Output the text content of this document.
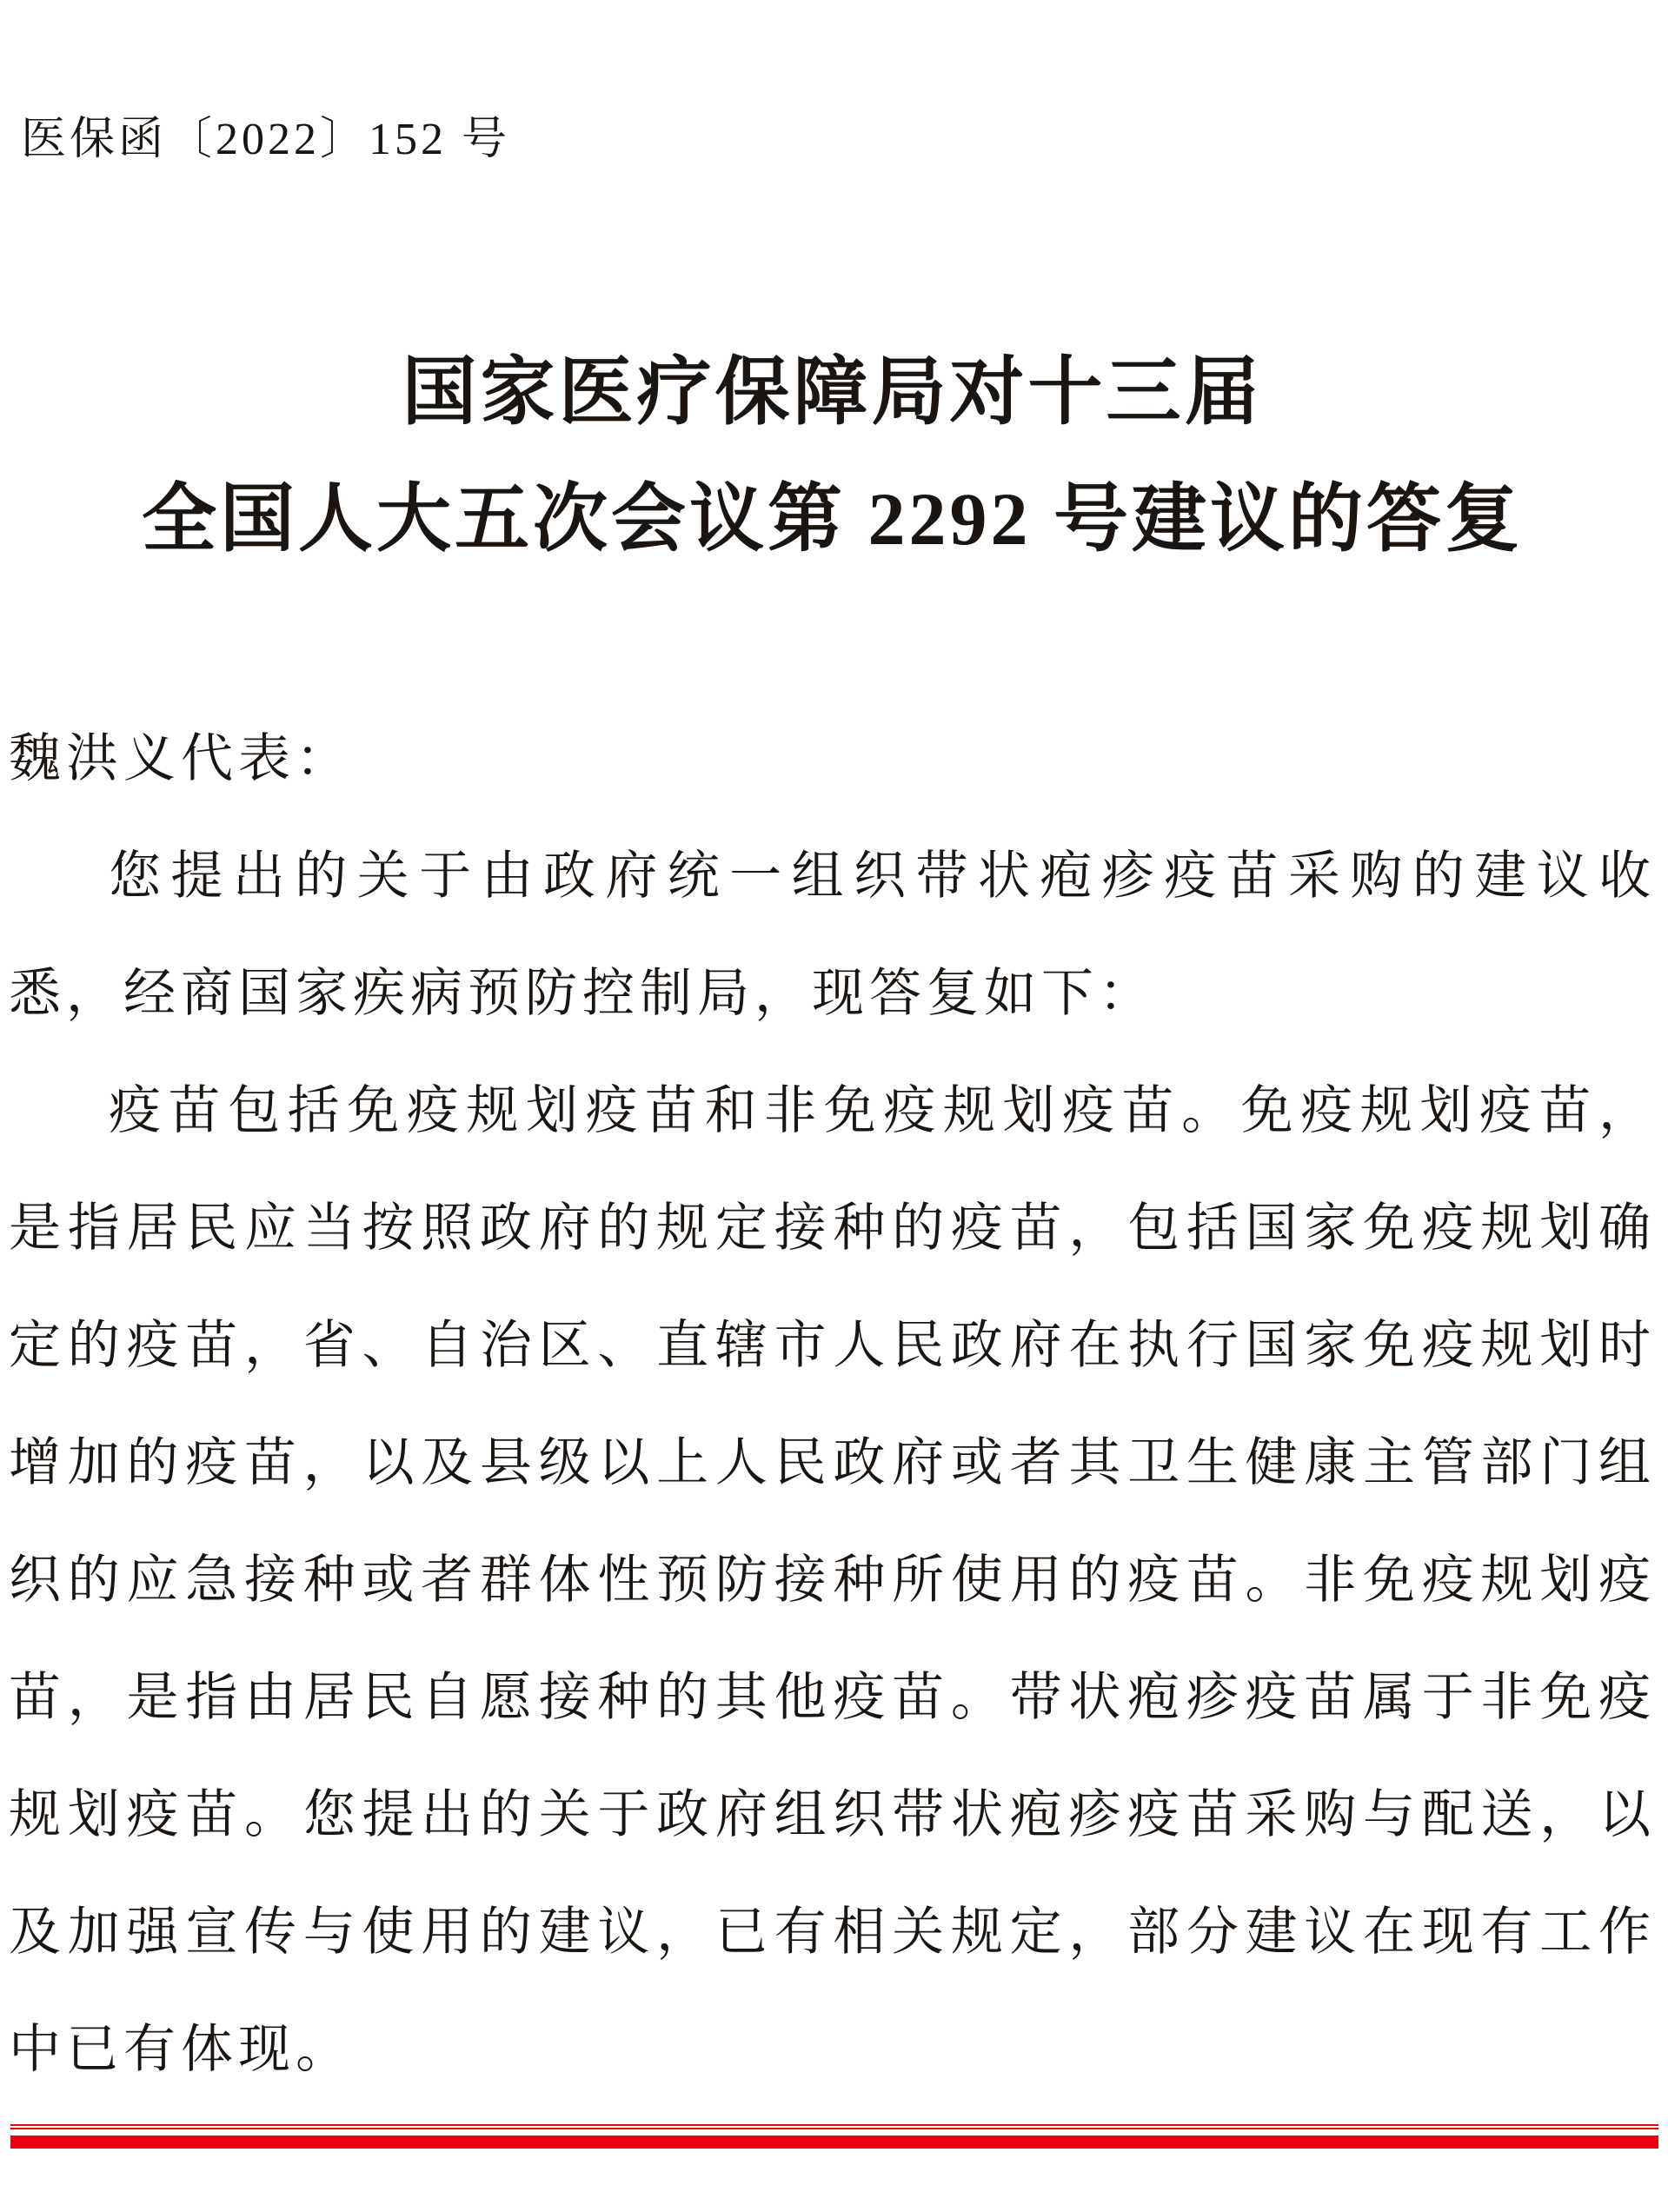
医保函〔2022〕152 号
国家医疗保障局对十三届
全国人大五次会议第 2292 号建议的答复
魏洪义代表：
您提出的关于由政府统一组织带状疱疹疫苗采购的建议收
悉，经商国家疾病预防控制局，现答复如下：
疫苗包括免疫规划疫苗和非免疫规划疫苗。免疫规划疫苗，
是指居民应当按照政府的规定接种的疫苗，包括国家免疫规划确
定的疫苗，省、自治区、直辖市人民政府在执行国家免疫规划时
增加的疫苗，以及县级以上人民政府或者其卫生健康主管部门组
织的应急接种或者群体性预防接种所使用的疫苗。非免疫规划疫
苗，是指由居民自愿接种的其他疫苗。带状疱疹疫苗属于非免疫
规划疫苗。您提出的关于政府组织带状疱疹疫苗采购与配送，以
及加强宣传与使用的建议，已有相关规定，部分建议在现有工作
中已有体现。
